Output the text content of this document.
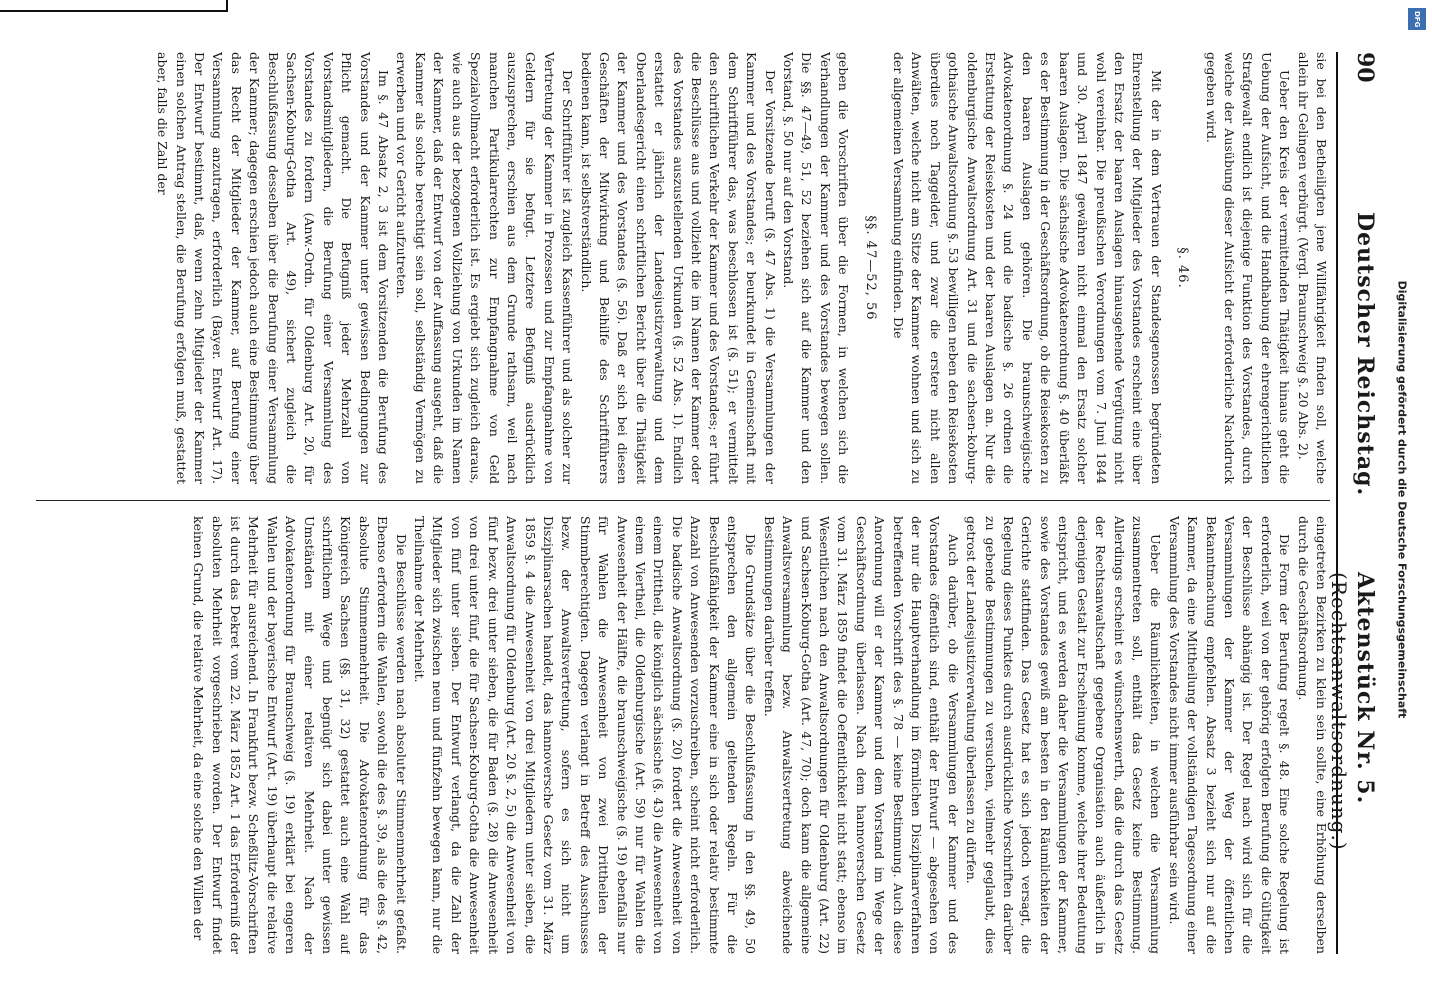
90
Deutscher Reichstag.
Aktenstück Nr. 5. (Rechtsanwaltsordnung.)

sie bei den Betheiligten jene Willfährigkeit finden soll, welche allein ihr Gelingen verbürgt. (Vergl. Braunschweig §. 20 Abs. 2).

Ueber den Kreis der vermittelnden Thätigkeit hinaus geht die Uebung der Aufsicht, und die Handhabung der ehrengerichtlichen Strafgewalt endlich ist diejenige Funktion des Vorstandes, durch welche der Ausübung dieser Aufsicht der erforderliche Nachdruck gegeben wird.

§. 46.

Mit der in dem Vertrauen der Standesgenossen begründeten Ehrenstellung der Mitglieder des Vorstandes erscheint eine über den Ersatz der baaren Auslagen hinausgehende Vergütung nicht wohl vereinbar. Die preußischen Verordnungen vom 7. Juni 1844 und 30. April 1847 gewähren nicht einmal den Ersatz solcher baaren Auslagen. Die sächsische Advokatenordnung §. 40 überläßt es der Bestimmung in der Geschäftsordnung, ob die Reisekosten zu den baaren Auslagen gehören. Die braunschweigische Advokatenordnung §. 24 und die badische §. 26 ordnen die Erstattung der Reisekosten und der baaren Auslagen an. Nur die oldenburgische Anwaltsordnung Art. 31 und die sachsen-koburg-gothaische Anwaltsordnung §. 53 bewilligen neben den Reisekosten überdies noch Taggelder, und zwar die erstere nicht allen Anwälten, welche nicht am Sitze der Kammer wohnen und sich zu der allgemeinen Versammlung einfinden. Die

§§. 47—52, 56

geben die Vorschriften über die Formen, in welchen sich die Verhandlungen der Kammer und des Vorstandes bewegen sollen. Die §§. 47—49, 51, 52 beziehen sich auf die Kammer und den Vorstand, §. 50 nur auf den Vorstand.

Der Vorsitzende beruft (§. 47 Abs. 1) die Versammlungen der Kammer und des Vorstandes; er beurkundet in Gemeinschaft mit dem Schriftführer das, was beschlossen ist (§. 51); er vermittelt den schriftlichen Verkehr der Kammer und des Vorstandes; er führt die Beschlüsse aus und vollzieht die im Namen der Kammer oder des Vorstandes auszustellenden Urkunden (§. 52 Abs. 1). Endlich erstattet er jährlich der Landesjustizverwaltung und dem Oberlandesgericht einen schriftlichen Bericht über die Thätigkeit der Kammer und des Vorstandes (§. 56). Daß er sich bei diesen Geschäften der Mitwirkung und Beihilfe des Schriftführers bedienen kann, ist selbstverständlich.

Der Schriftführer ist zugleich Kassenführer und als solcher zur Vertretung der Kammer in Prozessen und zur Empfangnahme von Geldern für sie befugt. Letztere Befugniß ausdrücklich auszusprechen, erschien aus dem Grunde rathsam, weil nach manchen Partikularrechten zur Empfangnahme von Geld Spezialvollmacht erforderlich ist. Es ergiebt sich zugleich daraus, wie auch aus der bezogenen Vollziehung von Urkunden im Namen der Kammer, daß der Entwurf von der Auffassung ausgeht, daß die Kammer als solche berechtigt sein soll, selbständig Vermögen zu erwerben und vor Gericht aufzutreten.

Im §. 47 Absatz 2, 3 ist dem Vorsitzenden die Berufung des Vorstandes und der Kammer unter gewissen Bedingungen zur Pflicht gemacht. Die Befugniß jeder Mehrzahl von Vorstandsmitgliedern, die Berufung einer Versammlung des Vorstandes zu fordern (Anw.-Ordn. für Oldenburg Art. 20, für Sachsen-Koburg-Gotha Art. 49), sichert zugleich die Beschlußfassung desselben über die Berufung einer Versammlung der Kammer; dagegen erschien jedoch auch eine Bestimmung über das Recht der Mitglieder der Kammer, auf Berufung einer Versammlung anzutragen, erforderlich (Bayer. Entwurf Art. 17). Der Entwurf bestimmt, daß, wenn zehn Mitglieder der Kammer einen solchen Antrag stellen, die Berufung erfolgen muß, gestattet aber, falls die Zahl der

eingetreten Bezirken zu klein sein sollte, eine Erhöhung derselben durch die Geschäftsordnung.

Die Form der Berufung regelt §. 48. Eine solche Regelung ist erforderlich, weil von der gehörig erfolgten Berufung die Gültigkeit der Beschlüsse abhängig ist. Der Regel nach wird sich für die Versammlungen der Kammer der Weg der öffentlichen Bekanntmachung empfehlen. Absatz 3 bezieht sich nur auf die Kammer, da eine Mittheilung der vollständigen Tagesordnung einer Versammlung des Vorstandes nicht immer ausführbar sein wird.

Ueber die Räumlichkeiten, in welchen die Versammlung zusammentreten soll, enthält das Gesetz keine Bestimmung. Allerdings erscheint es wünschenswerth, daß die durch das Gesetz der Rechtsanwaltschaft gegebene Organisation auch äußerlich in derjenigen Gestalt zur Erscheinung komme, welche ihrer Bedeutung entspricht, und es werden daher die Versammlungen der Kammer, sowie des Vorstandes gewiß am besten in den Räumlichkeiten der Gerichte stattfinden. Das Gesetz hat es sich jedoch versagt, die Regelung dieses Punktes durch ausdrückliche Vorschriften darüber zu gebende Bestimmungen zu versuchen, vielmehr geglaubt, dies getrost der Landesjustizverwaltung überlassen zu dürfen.

Auch darüber, ob die Versammlungen der Kammer und des Vorstandes öffentlich sind, enthält der Entwurf — abgesehen von der nur die Hauptverhandlung im förmlichen Disziplinarverfahren betreffenden Vorschrift des §. 78 — keine Bestimmung. Auch diese Anordnung will er der Kammer und dem Vorstand im Wege der Geschäftsordnung überlassen. Nach dem hannoverschen Gesetz vom 31. März 1859 findet die Oeffentlichkeit nicht statt; ebenso im Wesentlichen nach den Anwaltsordnungen für Oldenburg (Art. 22) und Sachsen-Koburg-Gotha (Art. 47, 70); doch kann die allgemeine Anwaltsversammlung bezw. Anwaltsvertretung abweichende Bestimmungen darüber treffen.

Die Grundsätze über die Beschlußfassung in den §§. 49, 50 entsprechen den allgemein geltenden Regeln. Für die Beschlußfähigkeit der Kammer eine in sich oder relativ bestimmte Anzahl von Anwesenden vorzuschreiben, scheint nicht erforderlich. Die badische Anwaltsordnung (§. 20) fordert die Anwesenheit von einem Drittheil, die königlich sächsische (§. 43) die Anwesenheit von einem Viertheil, die Oldenburgische (Art. 59) nur für Wahlen die Anwesenheit der Hälfte, die braunschweigische (§. 19) ebenfalls nur für Wahlen die Anwesenheit von zwei Drittheilen der Stimmberechtigten. Dagegen verlangt in Betreff des Ausschusses bezw. der Anwaltsvertretung, sofern es sich nicht um Disziplinarsachen handelt, das hannoversche Gesetz vom 31. März 1859 §. 4 die Anwesenheit von drei Mitgliedern unter sieben, die Anwaltsordnung für Oldenburg (Art. 20 §. 2, 5) die Anwesenheit von fünf bezw. drei unter sieben, die für Baden (§. 28) die Anwesenheit von drei unter fünf, die für Sachsen-Koburg-Gotha die Anwesenheit von fünf unter sieben. Der Entwurf verlangt, da die Zahl der Mitglieder sich zwischen neun und fünfzehn bewegen kann, nur die Theilnahme der Mehrheit.

Die Beschlüsse werden nach absoluter Stimmenmehrheit gefaßt. Ebenso erfordern die Wahlen, sowohl die des §. 39, als die des §. 42, absolute Stimmenmehrheit. Die Advokatenordnung für das Königreich Sachsen (§§. 31, 32) gestattet auch eine Wahl auf schriftlichem Wege und begnügt sich dabei unter gewissen Umständen mit einer relativen Mehrheit. Nach der Advokatenordnung für Braunschweig (§. 19) erklärt bei engeren Wahlen und der bayerische Entwurf (Art. 19) überhaupt die relative Mehrheit für ausreichend. In Frankfurt bezw. Scheßlitz-Vorschriften ist durch das Dekret vom 22. März 1852 Art. 1 das Erforderniß der absoluten Mehrheit vorgeschrieben worden. Der Entwurf findet keinen Grund, die relative Mehrheit, da eine solche den Willen der

Digitalisierung gefördert durch die Deutsche Forschungsgemeinschaft
DFG
